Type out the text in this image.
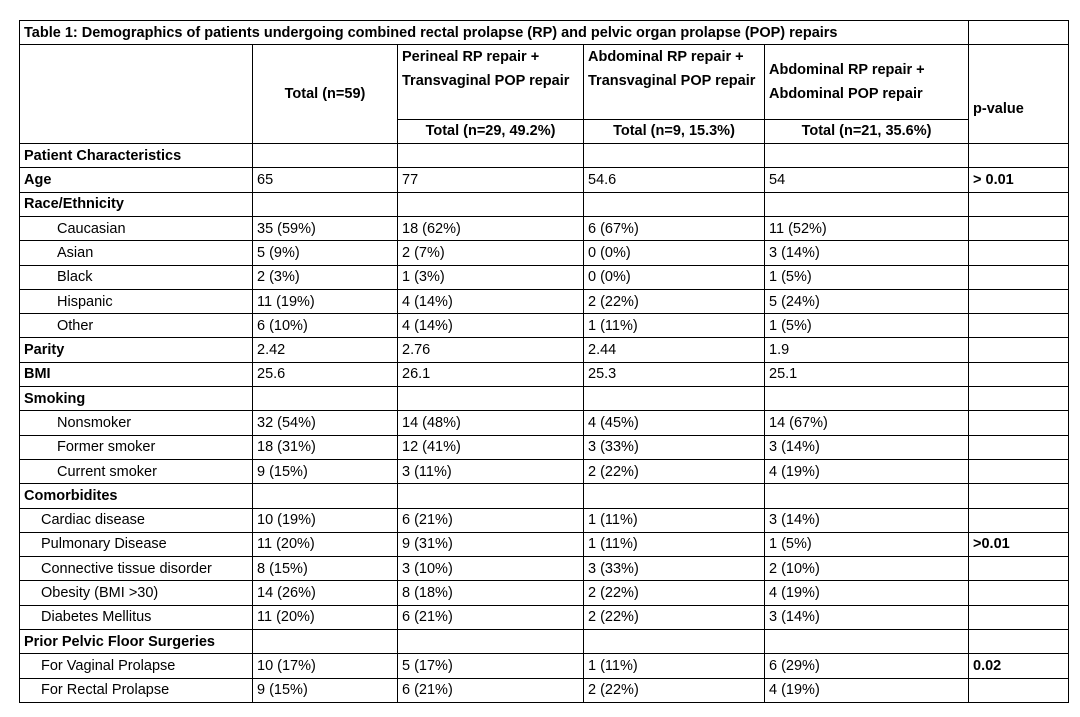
Table 1: Demographics of patients undergoing combined rectal prolapse (RP) and pelvic organ prolapse (POP) repairs					
	Total (n=59)	Perineal RP repair + Transvaginal POP repair	Abdominal RP repair + Transvaginal POP repair	Abdominal RP repair + Abdominal POP repair	p-value
		Total (n=29, 49.2%)	Total (n=9, 15.3%)	Total (n=21, 35.6%)	
Patient Characteristics					
Age	65	77	54.6	54	> 0.01
Race/Ethnicity					
Caucasian	35 (59%)	18 (62%)	6 (67%)	11 (52%)	
Asian	5 (9%)	2 (7%)	0 (0%)	3 (14%)	
Black	2 (3%)	1 (3%)	0 (0%)	1 (5%)	
Hispanic	11 (19%)	4 (14%)	2 (22%)	5 (24%)	
Other	6 (10%)	4 (14%)	1 (11%)	1 (5%)	
Parity	2.42	2.76	2.44	1.9	
BMI	25.6	26.1	25.3	25.1	
Smoking					
Nonsmoker	32 (54%)	14 (48%)	4 (45%)	14 (67%)	
Former smoker	18 (31%)	12 (41%)	3 (33%)	3 (14%)	
Current smoker	9 (15%)	3 (11%)	2 (22%)	4 (19%)	
Comorbidites					
Cardiac disease	10 (19%)	6 (21%)	1 (11%)	3 (14%)	
Pulmonary Disease	11 (20%)	9 (31%)	1 (11%)	1 (5%)	>0.01
Connective tissue disorder	8 (15%)	3 (10%)	3 (33%)	2 (10%)	
Obesity (BMI >30)	14 (26%)	8 (18%)	2 (22%)	4 (19%)	
Diabetes Mellitus	11 (20%)	6 (21%)	2 (22%)	3 (14%)	
Prior Pelvic Floor Surgeries					
For Vaginal Prolapse	10 (17%)	5 (17%)	1 (11%)	6 (29%)	0.02
For Rectal Prolapse	9 (15%)	6 (21%)	2 (22%)	4 (19%)	
